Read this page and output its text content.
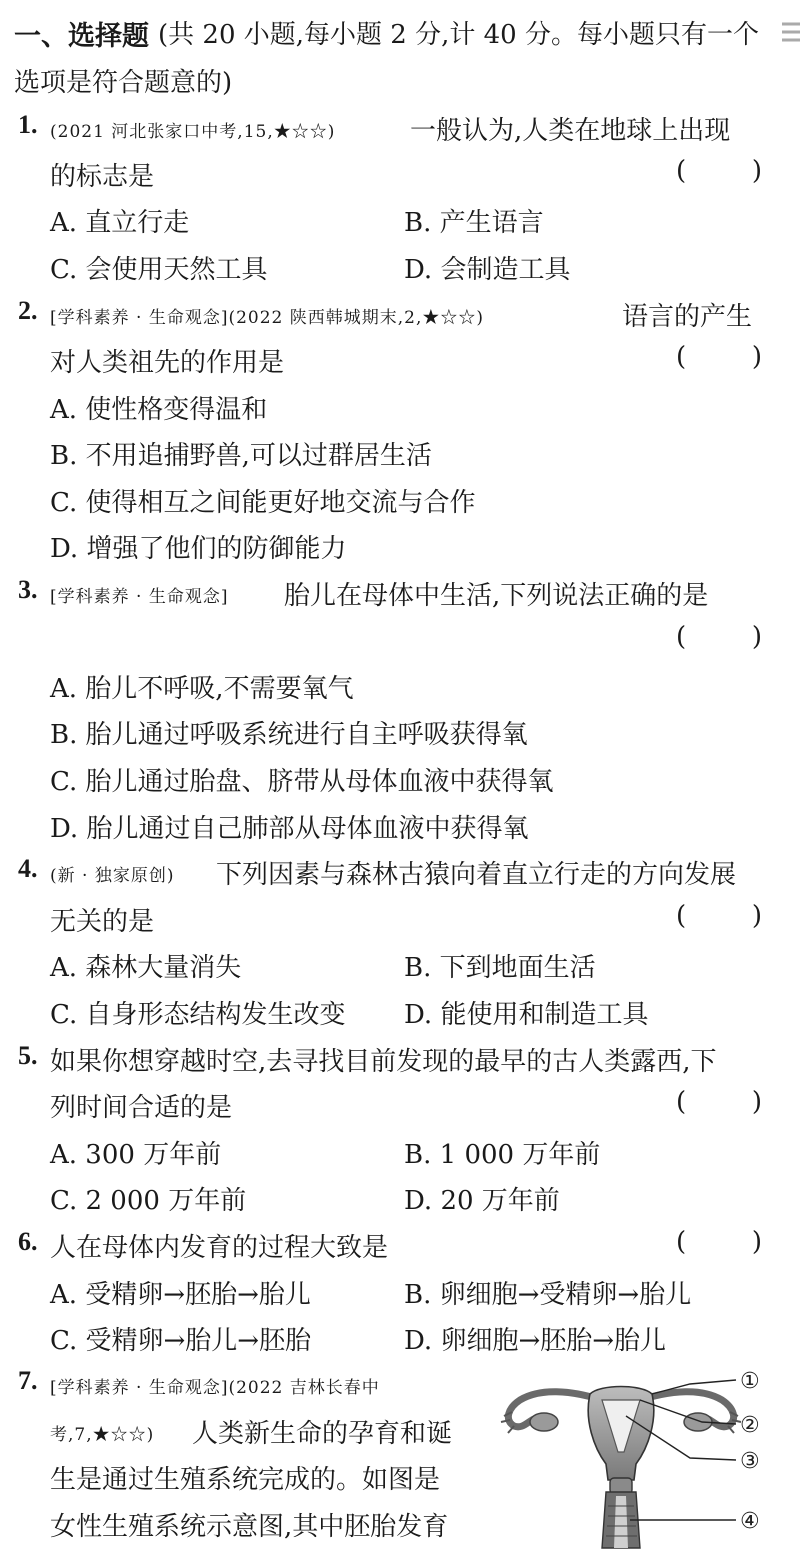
一、选择题 (共 20 小题,每小题 2 分,计 40 分。每小题只有一个
选项是符合题意的)
1. (2021 河北张家口中考,15,★☆☆)	一般认为,人类在地球上出现
的标志是	(	)
A. 直立行走	B. 产生语言
C. 会使用天然工具	D. 会制造工具
2. [学科素养 · 生命观念](2022 陕西韩城期末,2,★☆☆)	语言的产生
对人类祖先的作用是	(	)
A. 使性格变得温和
B. 不用追捕野兽,可以过群居生活
C. 使得相互之间能更好地交流与合作
D. 增强了他们的防御能力
3. [学科素养 · 生命观念] 胎儿在母体中生活,下列说法正确的是
(	)
A. 胎儿不呼吸,不需要氧气
B. 胎儿通过呼吸系统进行自主呼吸获得氧
C. 胎儿通过胎盘、脐带从母体血液中获得氧
D. 胎儿通过自己肺部从母体血液中获得氧
4. (新 · 独家原创) 下列因素与森林古猿向着直立行走的方向发展
无关的是	(	)
A. 森林大量消失	B. 下到地面生活
C. 自身形态结构发生改变 D. 能使用和制造工具
5. 如果你想穿越时空,去寻找目前发现的最早的古人类露西,下
列时间合适的是	(	)
A. 300 万年前	B. 1 000 万年前
C. 2 000 万年前	D. 20 万年前
6. 人在母体内发育的过程大致是	(	)
A. 受精卵→胚胎→胎儿	B. 卵细胞→受精卵→胎儿
C. 受精卵→胎儿→胚胎	D. 卵细胞→胚胎→胎儿
7. [学科素养 · 生命观念](2022 吉林长春中
考,7,★☆☆) 人类新生命的孕育和诞
生是通过生殖系统完成的。如图是
女性生殖系统示意图,其中胚胎发育
①
②
③
④
